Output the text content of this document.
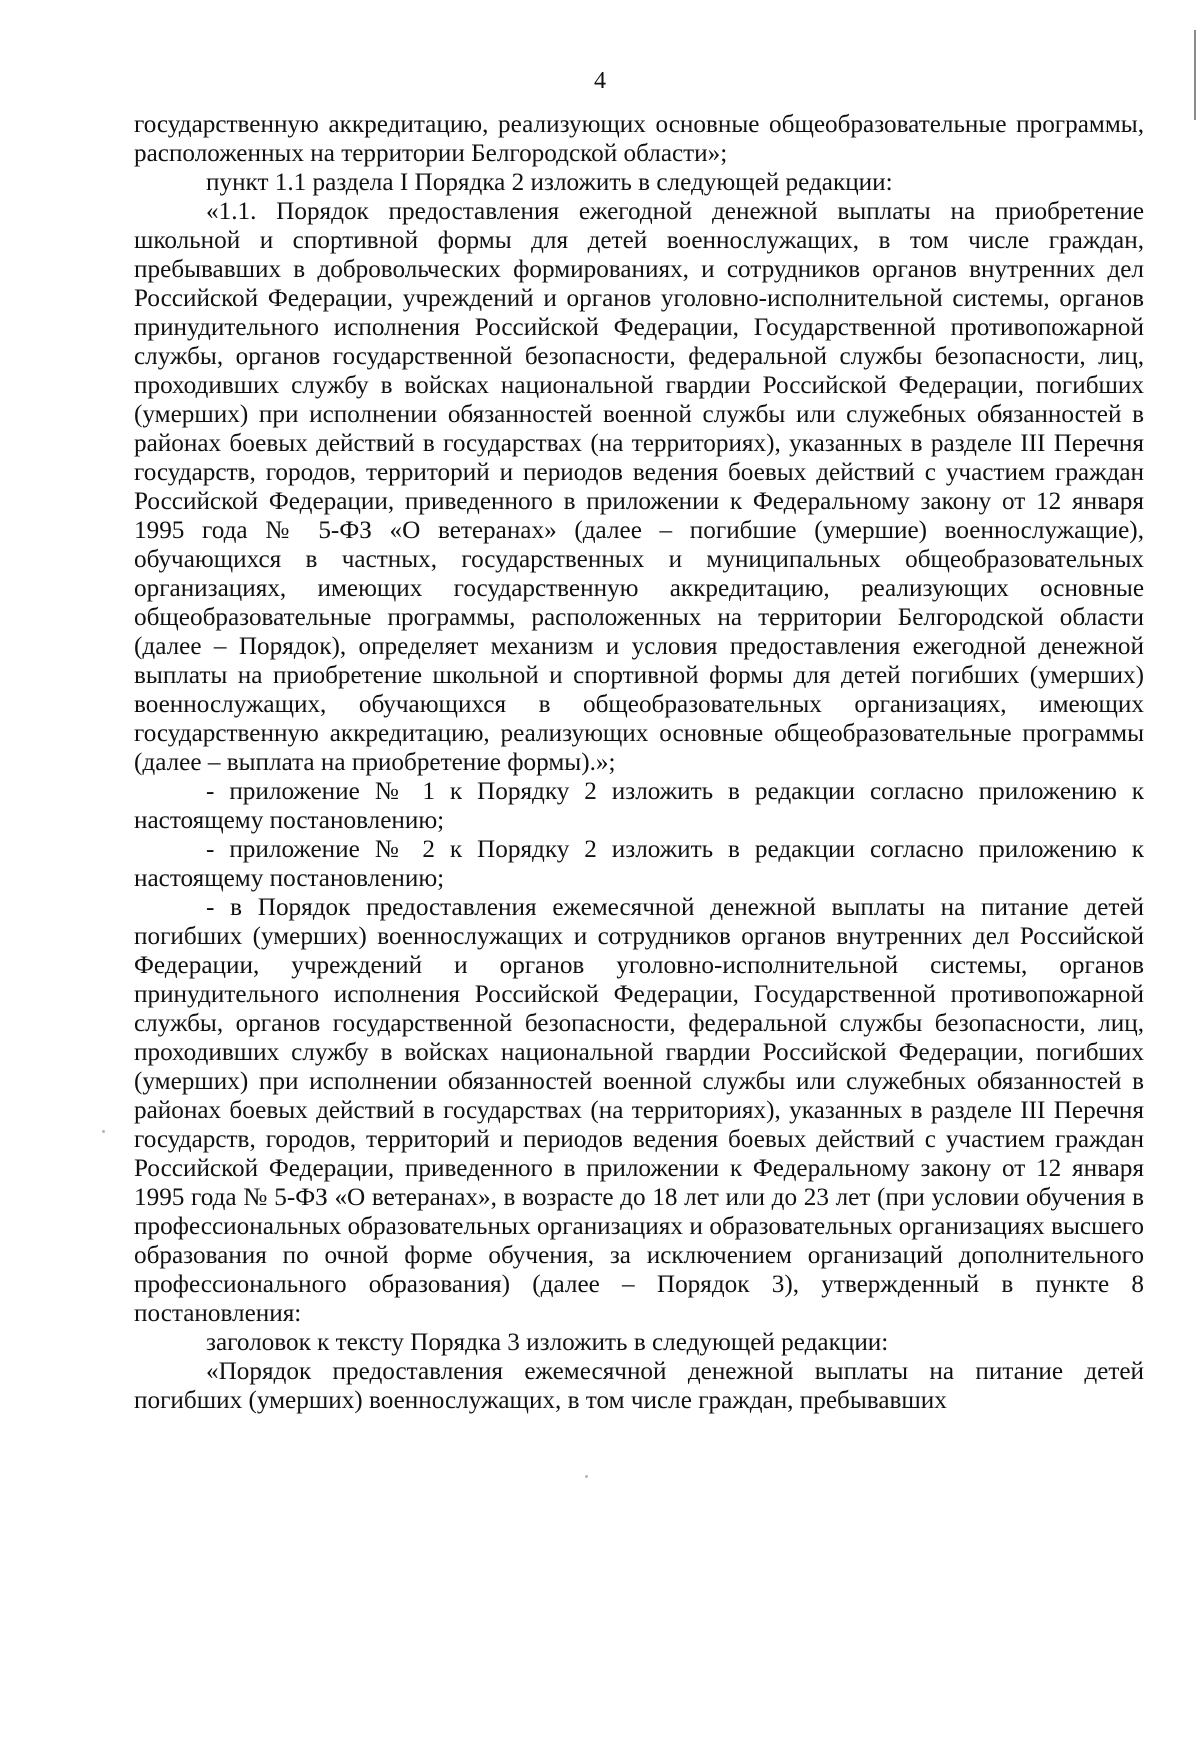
4

государственную аккредитацию, реализующих основные общеобразовательные программы, расположенных на территории Белгородской области»;

пункт 1.1 раздела I Порядка 2 изложить в следующей редакции:

«1.1. Порядок предоставления ежегодной денежной выплаты на приобретение школьной и спортивной формы для детей военнослужащих, в том числе граждан, пребывавших в добровольческих формированиях, и сотрудников органов внутренних дел Российской Федерации, учреждений и органов уголовно-исполнительной системы, органов принудительного исполнения Российской Федерации, Государственной противопожарной службы, органов государственной безопасности, федеральной службы безопасности, лиц, проходивших службу в войсках национальной гвардии Российской Федерации, погибших (умерших) при исполнении обязанностей военной службы или служебных обязанностей в районах боевых действий в государствах (на территориях), указанных в разделе III Перечня государств, городов, территорий и периодов ведения боевых действий с участием граждан Российской Федерации, приведенного в приложении к Федеральному закону от 12 января 1995 года № 5-ФЗ «О ветеранах» (далее – погибшие (умершие) военнослужащие), обучающихся в частных, государственных и муниципальных общеобразовательных организациях, имеющих государственную аккредитацию, реализующих основные общеобразовательные программы, расположенных на территории Белгородской области (далее – Порядок), определяет механизм и условия предоставления ежегодной денежной выплаты на приобретение школьной и спортивной формы для детей погибших (умерших) военнослужащих, обучающихся в общеобразовательных организациях, имеющих государственную аккредитацию, реализующих основные общеобразовательные программы (далее – выплата на приобретение формы).»;

- приложение № 1 к Порядку 2 изложить в редакции согласно приложению к настоящему постановлению;

- приложение № 2 к Порядку 2 изложить в редакции согласно приложению к настоящему постановлению;

- в Порядок предоставления ежемесячной денежной выплаты на питание детей погибших (умерших) военнослужащих и сотрудников органов внутренних дел Российской Федерации, учреждений и органов уголовно-исполнительной системы, органов принудительного исполнения Российской Федерации, Государственной противопожарной службы, органов государственной безопасности, федеральной службы безопасности, лиц, проходивших службу в войсках национальной гвардии Российской Федерации, погибших (умерших) при исполнении обязанностей военной службы или служебных обязанностей в районах боевых действий в государствах (на территориях), указанных в разделе III Перечня государств, городов, территорий и периодов ведения боевых действий с участием граждан Российской Федерации, приведенного в приложении к Федеральному закону от 12 января 1995 года № 5-ФЗ «О ветеранах», в возрасте до 18 лет или до 23 лет (при условии обучения в профессиональных образовательных организациях и образовательных организациях высшего образования по очной форме обучения, за исключением организаций дополнительного профессионального образования) (далее – Порядок 3), утвержденный в пункте 8 постановления:

заголовок к тексту Порядка 3 изложить в следующей редакции:

«Порядок предоставления ежемесячной денежной выплаты на питание детей погибших (умерших) военнослужащих, в том числе граждан, пребывавших
